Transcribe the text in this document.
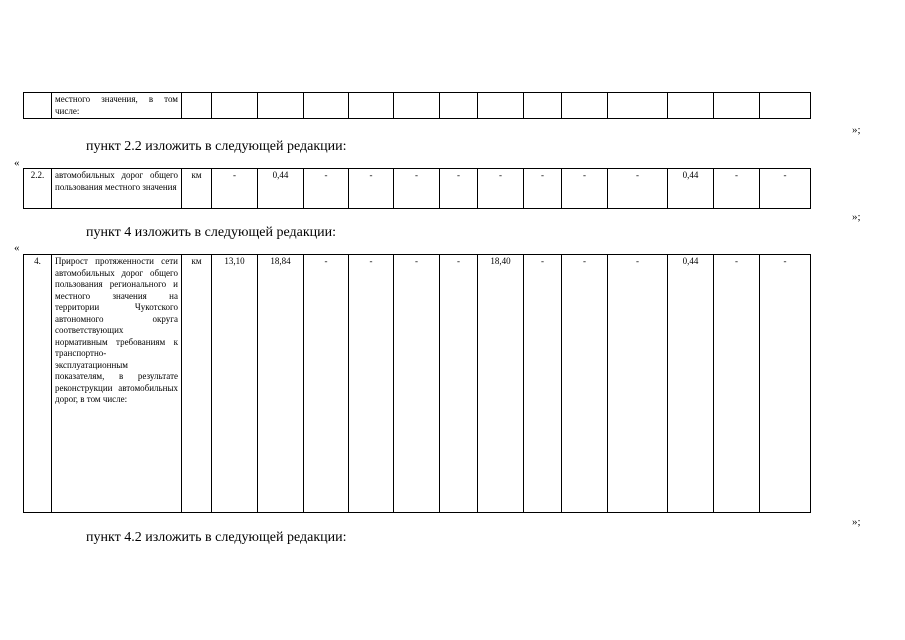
	местного значения, в том числе:														
»;
пункт 2.2 изложить в следующей редакции:
«
2.2.	автомобильных дорог общего пользования местного значения	км	-	0,44	-	-	-	-	-	-	-	-	0,44	-	-
»;
пункт 4 изложить в следующей редакции:
«
4.	Прирост протяженности сети автомобильных дорог общего пользования регионального и местного значения на территории Чукотского автономного округа соответствующих нормативным требованиям к транспортно-эксплуатационным показателям, в результате реконструкции автомобильных дорог, в том числе:	км	13,10	18,84	-	-	-	-	18,40	-	-	-	0,44	-	-
»;
пункт 4.2 изложить в следующей редакции:
